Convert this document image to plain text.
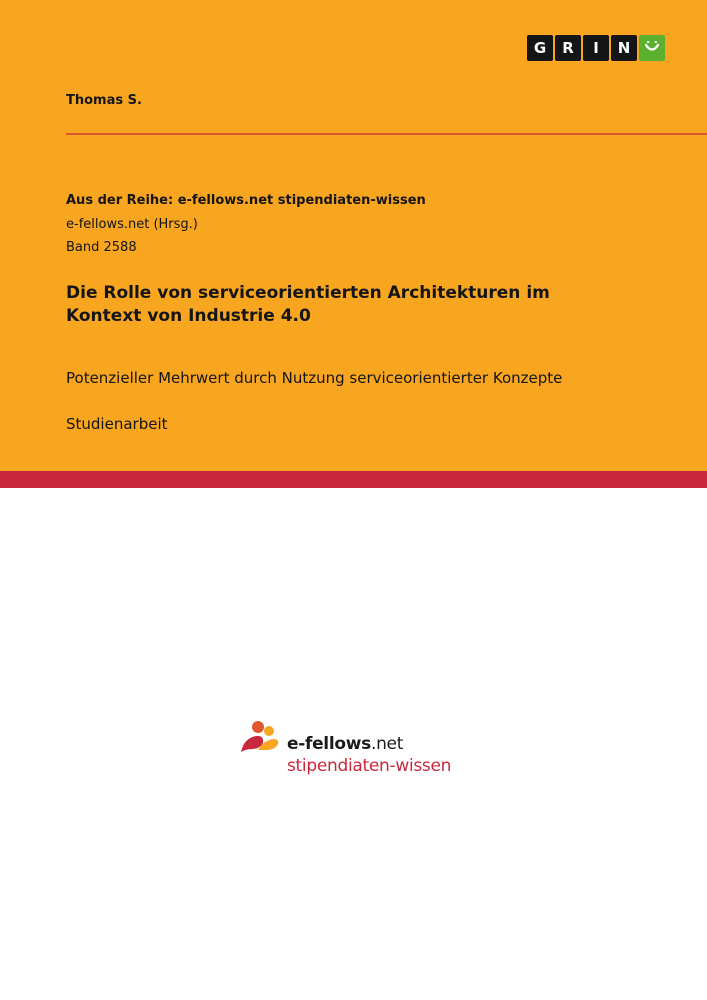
G	R	I	N
Thomas S.
Aus der Reihe: e-fellows.net stipendiaten-wissen
e-fellows.net (Hrsg.)
Band 2588
Die Rolle von serviceorientierten Architekturen im Kontext von Industrie 4.0
Potenzieller Mehrwert durch Nutzung serviceorientierter Konzepte
Studienarbeit
e-fellows.net
stipendiaten-wissen
